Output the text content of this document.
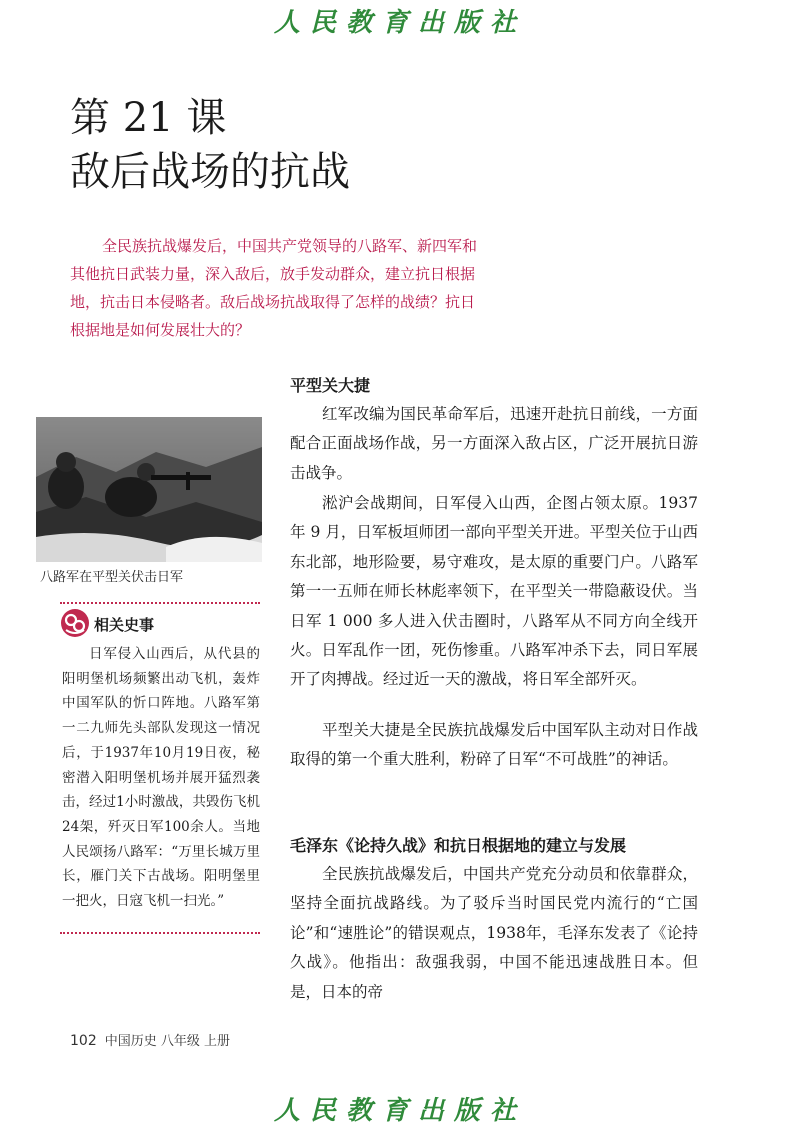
人民教育出版社
第 21 课
敌后战场的抗战

全民族抗战爆发后，中国共产党领导的八路军、新四军和其他抗日武装力量，深入敌后，放手发动群众，建立抗日根据地，抗击日本侵略者。敌后战场抗战取得了怎样的战绩？抗日根据地是如何发展壮大的？

八路军在平型关伏击日军
相关史事

日军侵入山西后，从代县的阳明堡机场频繁出动飞机，轰炸中国军队的忻口阵地。八路军第一二九师先头部队发现这一情况后，于1937年10月19日夜，秘密潜入阳明堡机场并展开猛烈袭击，经过1小时激战，共毁伤飞机24架，歼灭日军100余人。当地人民颂扬八路军：“万里长城万里长，雁门关下古战场。阳明堡里一把火，日寇飞机一扫光。”

平型关大捷

红军改编为国民革命军后，迅速开赴抗日前线，一方面配合正面战场作战，另一方面深入敌占区，广泛开展抗日游击战争。

淞沪会战期间，日军侵入山西，企图占领太原。1937 年 9 月，日军板垣师团一部向平型关开进。平型关位于山西东北部，地形险要，易守难攻，是太原的重要门户。八路军第一一五师在师长林彪率领下，在平型关一带隐蔽设伏。当日军 1 000 多人进入伏击圈时，八路军从不同方向全线开火。日军乱作一团，死伤惨重。八路军冲杀下去，同日军展开了肉搏战。经过近一天的激战，将日军全部歼灭。

平型关大捷是全民族抗战爆发后中国军队主动对日作战取得的第一个重大胜利，粉碎了日军“不可战胜”的神话。

毛泽东《论持久战》和抗日根据地的建立与发展

全民族抗战爆发后，中国共产党充分动员和依靠群众，坚持全面抗战路线。为了驳斥当时国民党内流行的“亡国论”和“速胜论”的错误观点，1938年，毛泽东发表了《论持久战》。他指出：敌强我弱，中国不能迅速战胜日本。但是，日本的帝

102 中国历史 八年级 上册
人民教育出版社
